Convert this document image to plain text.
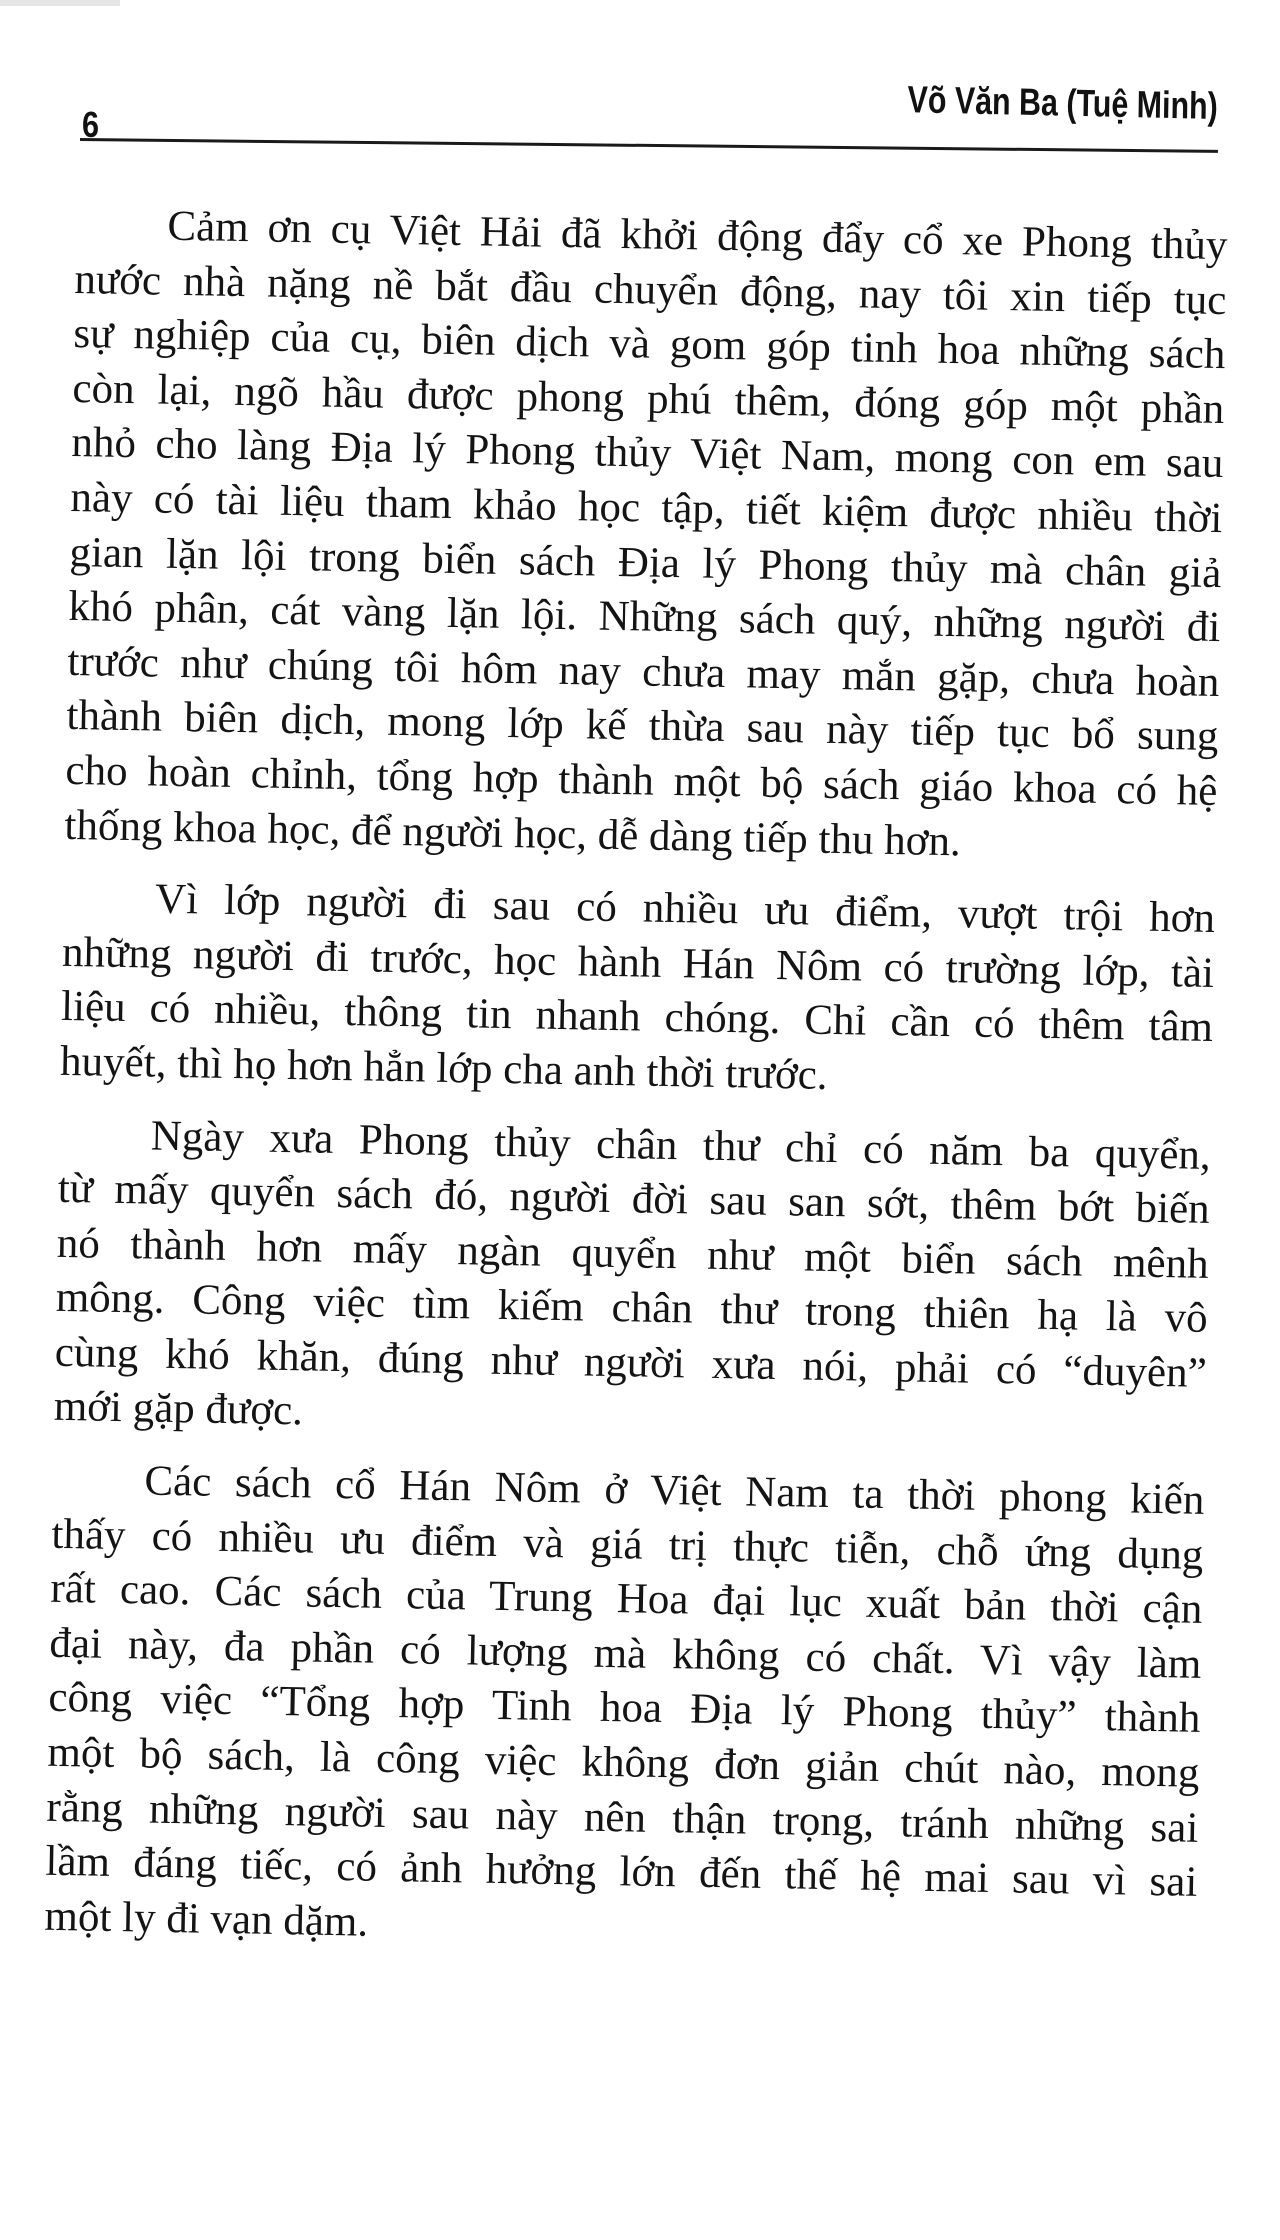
6	Võ Văn Ba (Tuệ Minh)
Cảm ơn cụ Việt Hải đã khởi động đẩy cổ xe Phong thủy
nước nhà nặng nề bắt đầu chuyển động, nay tôi xin tiếp tục
sự nghiệp của cụ, biên dịch và gom góp tinh hoa những sách
còn lại, ngõ hầu được phong phú thêm, đóng góp một phần
nhỏ cho làng Địa lý Phong thủy Việt Nam, mong con em sau
này có tài liệu tham khảo học tập, tiết kiệm được nhiều thời
gian lặn lội trong biển sách Địa lý Phong thủy mà chân giả
khó phân, cát vàng lặn lội. Những sách quý, những người đi
trước như chúng tôi hôm nay chưa may mắn gặp, chưa hoàn
thành biên dịch, mong lớp kế thừa sau này tiếp tục bổ sung
cho hoàn chỉnh, tổng hợp thành một bộ sách giáo khoa có hệ
thống khoa học, để người học, dễ dàng tiếp thu hơn.
Vì lớp người đi sau có nhiều ưu điểm, vượt trội hơn
những người đi trước, học hành Hán Nôm có trường lớp, tài
liệu có nhiều, thông tin nhanh chóng. Chỉ cần có thêm tâm
huyết, thì họ hơn hẳn lớp cha anh thời trước.
Ngày xưa Phong thủy chân thư chỉ có năm ba quyển,
từ mấy quyển sách đó, người đời sau san sớt, thêm bớt biến
nó thành hơn mấy ngàn quyển như một biển sách mênh
mông. Công việc tìm kiếm chân thư trong thiên hạ là vô
cùng khó khăn, đúng như người xưa nói, phải có “duyên”
mới gặp được.
Các sách cổ Hán Nôm ở Việt Nam ta thời phong kiến
thấy có nhiều ưu điểm và giá trị thực tiễn, chỗ ứng dụng
rất cao. Các sách của Trung Hoa đại lục xuất bản thời cận
đại này, đa phần có lượng mà không có chất. Vì vậy làm
công việc “Tổng hợp Tinh hoa Địa lý Phong thủy” thành
một bộ sách, là công việc không đơn giản chút nào, mong
rằng những người sau này nên thận trọng, tránh những sai
lầm đáng tiếc, có ảnh hưởng lớn đến thế hệ mai sau vì sai
một ly đi vạn dặm.
